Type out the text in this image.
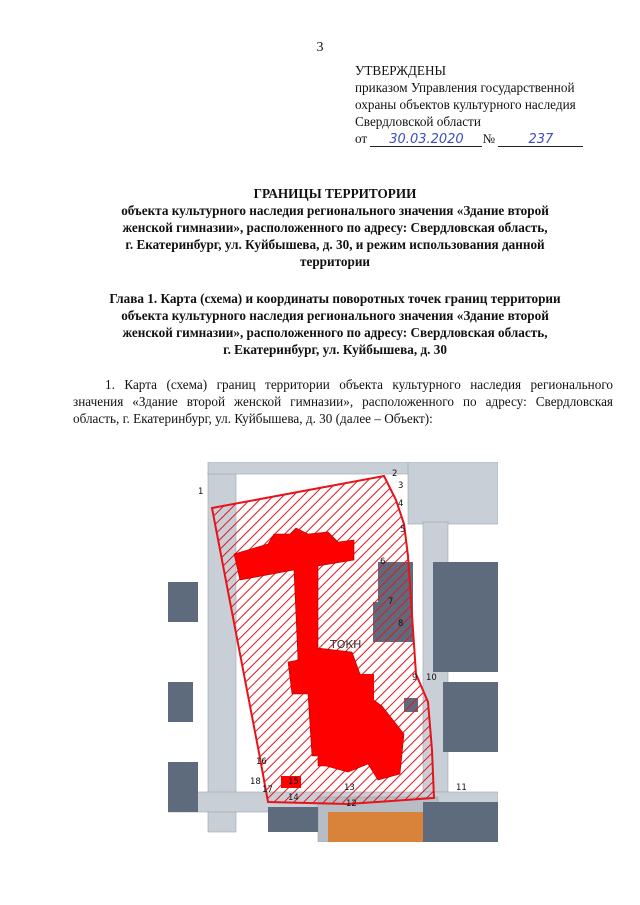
3
УТВЕРЖДЕНЫ
приказом Управления государственной
охраны объектов культурного наследия
Свердловской области
от 30.03.2020 №	237
ГРАНИЦЫ ТЕРРИТОРИИ
объекта культурного наследия регионального значения «Здание второй
женской гимназии», расположенного по адресу: Свердловская область,
г. Екатеринбург, ул. Куйбышева, д. 30, и режим использования данной
территории
Глава 1. Карта (схема) и координаты поворотных точек границ территории
объекта культурного наследия регионального значения «Здание второй
женской гимназии», расположенного по адресу: Свердловская область,
г. Екатеринбург, ул. Куйбышева, д. 30
1. Карта (схема) границ территории объекта культурного наследия регионального значения «Здание второй женской гимназии», расположенного по адресу: Свердловская область, г. Екатеринбург, ул. Куйбышева, д. 30 (далее – Объект):
1
2
3
4
5
6
7
8
9 10
11
12
13
14
15
16
17
18
ТОКН
